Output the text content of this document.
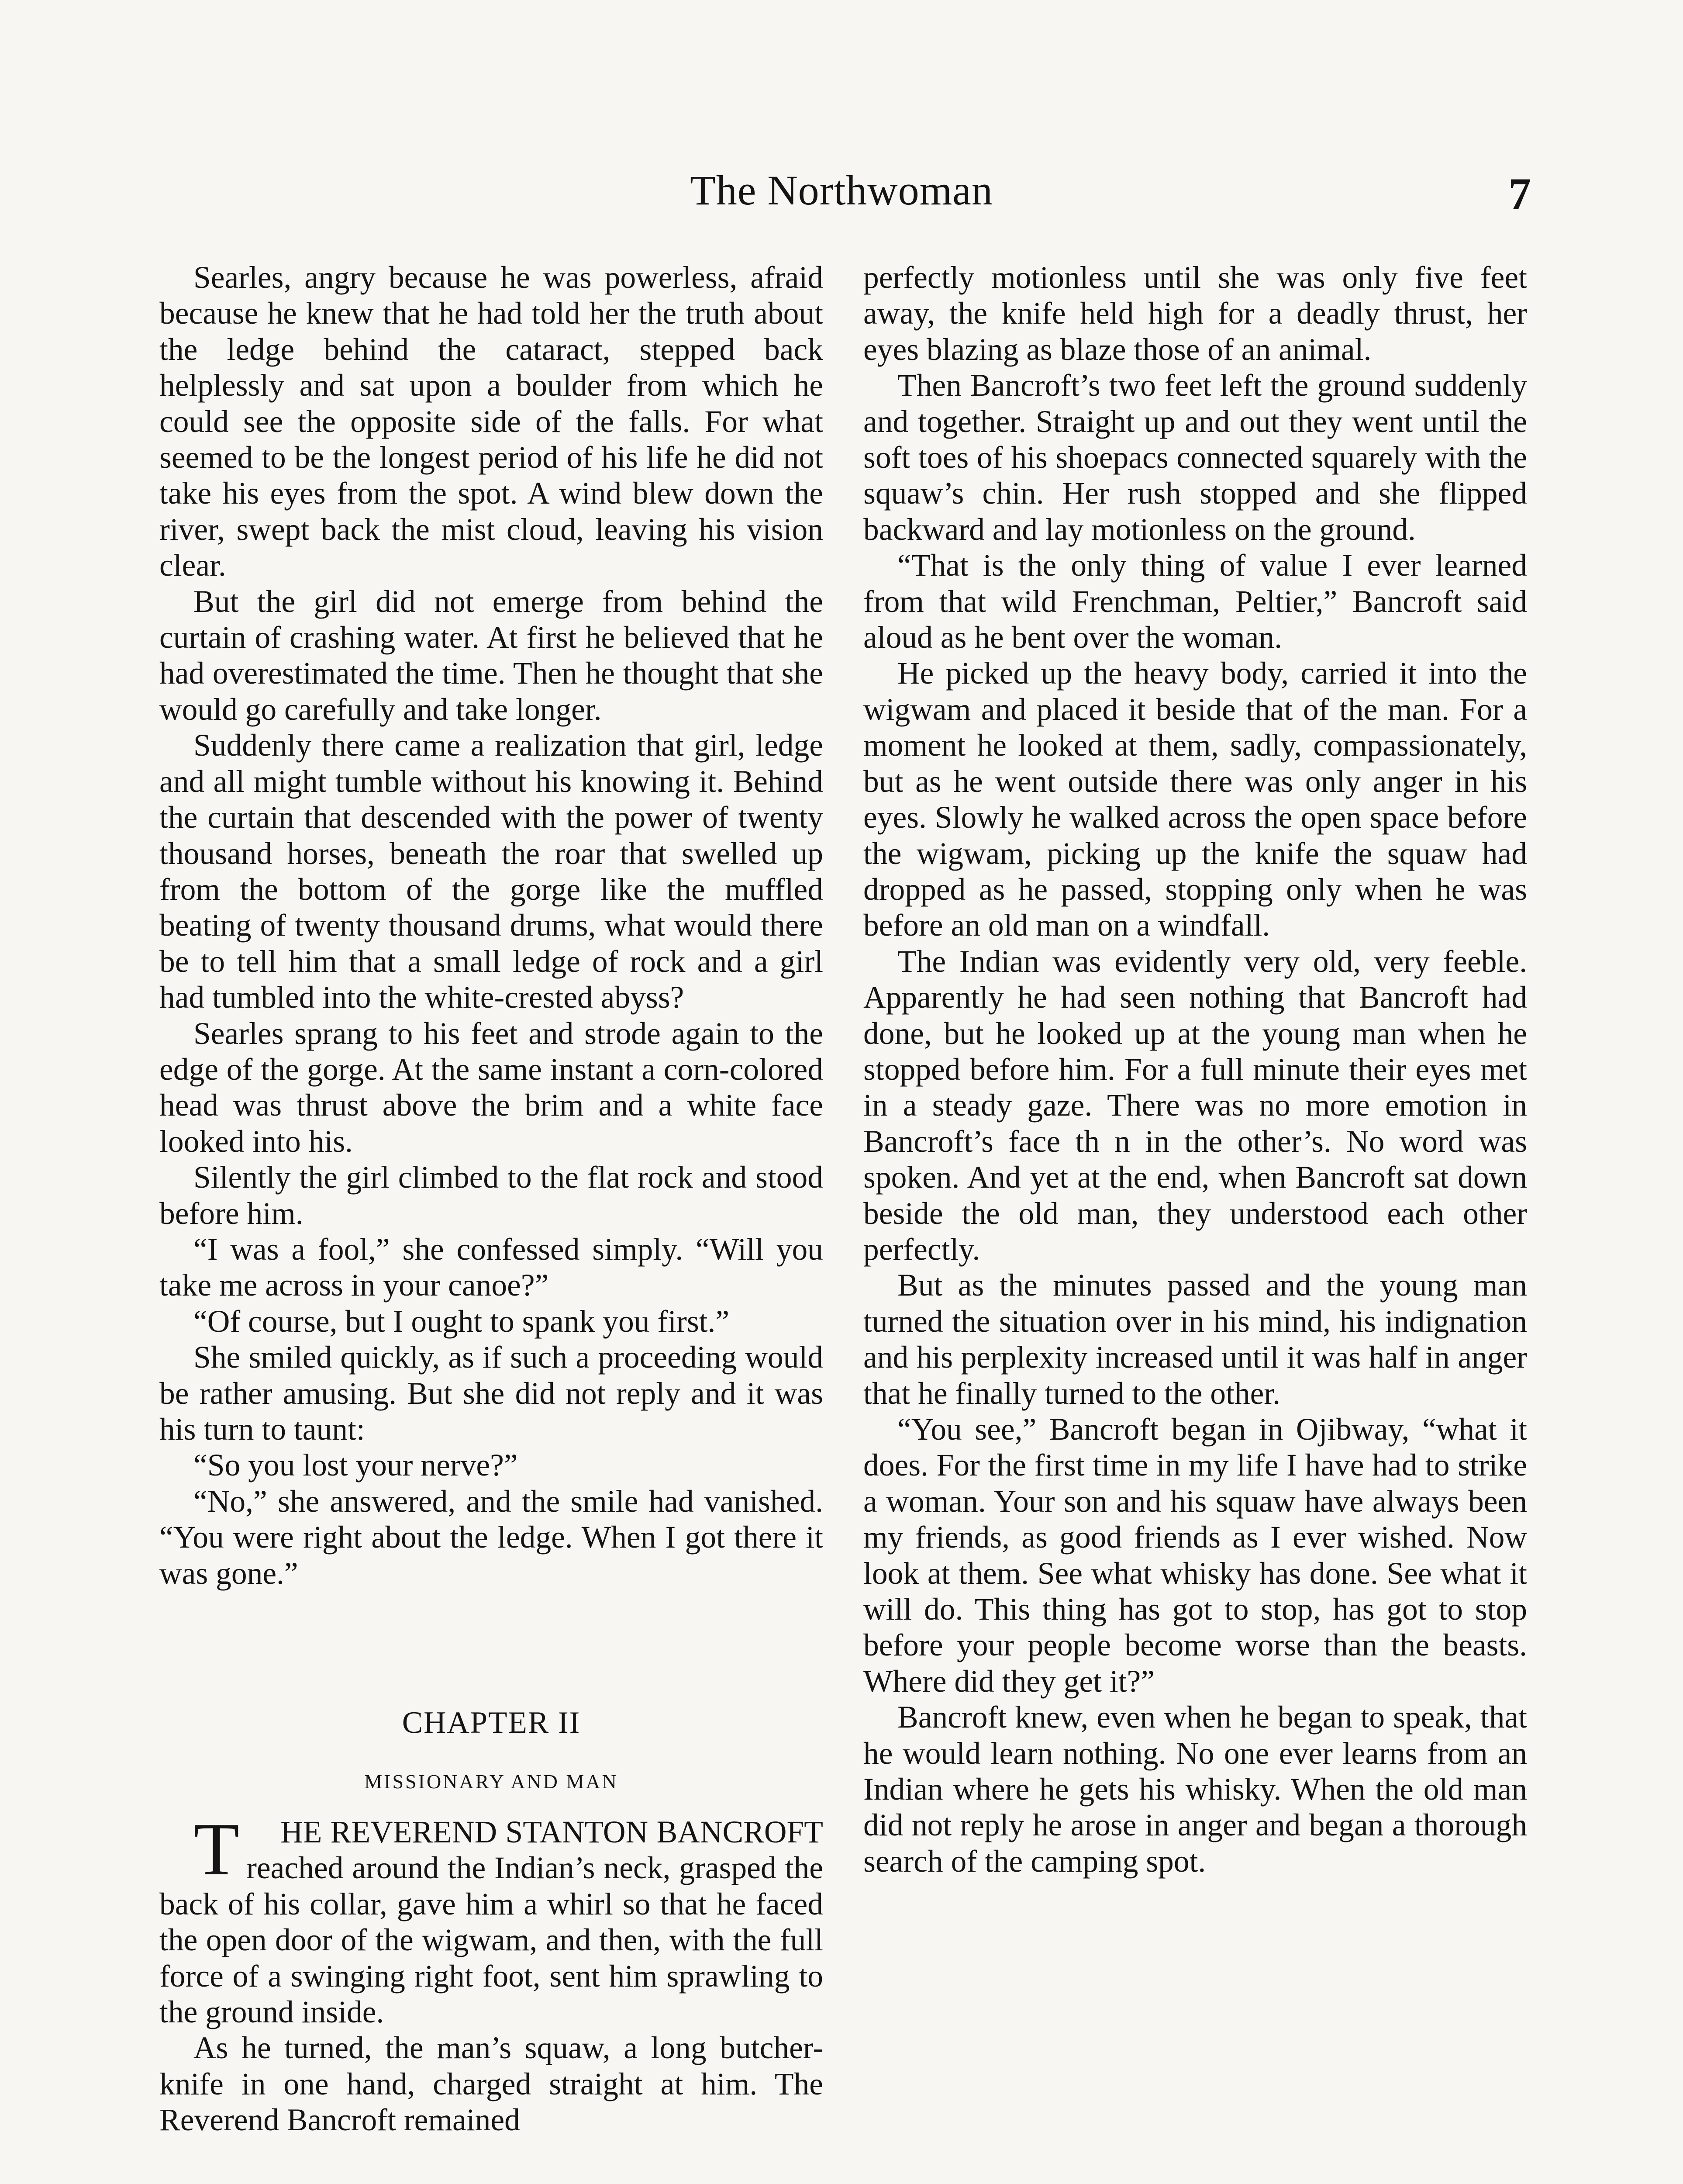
The Northwoman	7

Searles, angry because he was powerless, afraid because he knew that he had told her the truth about the ledge behind the cataract, stepped back helplessly and sat upon a boulder from which he could see the opposite side of the falls. For what seemed to be the longest period of his life he did not take his eyes from the spot. A wind blew down the river, swept back the mist cloud, leaving his vision clear.

But the girl did not emerge from behind the curtain of crashing water. At first he believed that he had overestimated the time. Then he thought that she would go carefully and take longer.

Suddenly there came a realization that girl, ledge and all might tumble without his knowing it. Behind the curtain that descended with the power of twenty thousand horses, beneath the roar that swelled up from the bottom of the gorge like the muffled beating of twenty thousand drums, what would there be to tell him that a small ledge of rock and a girl had tumbled into the white-crested abyss?

Searles sprang to his feet and strode again to the edge of the gorge. At the same instant a corn-colored head was thrust above the brim and a white face looked into his.

Silently the girl climbed to the flat rock and stood before him.

“I was a fool,” she confessed simply. “Will you take me across in your canoe?”

“Of course, but I ought to spank you first.”

She smiled quickly, as if such a proceeding would be rather amusing. But she did not reply and it was his turn to taunt:

“So you lost your nerve?”

“No,” she answered, and the smile had vanished. “You were right about the ledge. When I got there it was gone.”

CHAPTER II
MISSIONARY AND MAN

T HE REVEREND STANTON BANCROFT reached around the Indian’s neck, grasped the back of his collar, gave him a whirl so that he faced the open door of the wigwam, and then, with the full force of a swinging right foot, sent him sprawling to the ground inside.

As he turned, the man’s squaw, a long butcher-knife in one hand, charged straight at him. The Reverend Bancroft remained

perfectly motionless until she was only five feet away, the knife held high for a deadly thrust, her eyes blazing as blaze those of an animal.

Then Bancroft’s two feet left the ground suddenly and together. Straight up and out they went until the soft toes of his shoepacs connected squarely with the squaw’s chin. Her rush stopped and she flipped backward and lay motionless on the ground.

“That is the only thing of value I ever learned from that wild Frenchman, Peltier,” Bancroft said aloud as he bent over the woman.

He picked up the heavy body, carried it into the wigwam and placed it beside that of the man. For a moment he looked at them, sadly, compassionately, but as he went outside there was only anger in his eyes. Slowly he walked across the open space before the wigwam, picking up the knife the squaw had dropped as he passed, stopping only when he was before an old man on a windfall.

The Indian was evidently very old, very feeble. Apparently he had seen nothing that Bancroft had done, but he looked up at the young man when he stopped before him. For a full minute their eyes met in a steady gaze. There was no more emotion in Bancroft’s face th n in the other’s. No word was spoken. And yet at the end, when Bancroft sat down beside the old man, they understood each other perfectly.

But as the minutes passed and the young man turned the situation over in his mind, his indignation and his perplexity increased until it was half in anger that he finally turned to the other.

“You see,” Bancroft began in Ojibway, “what it does. For the first time in my life I have had to strike a woman. Your son and his squaw have always been my friends, as good friends as I ever wished. Now look at them. See what whisky has done. See what it will do. This thing has got to stop, has got to stop before your people become worse than the beasts. Where did they get it?”

Bancroft knew, even when he began to speak, that he would learn nothing. No one ever learns from an Indian where he gets his whisky. When the old man did not reply he arose in anger and began a thorough search of the camping spot.
